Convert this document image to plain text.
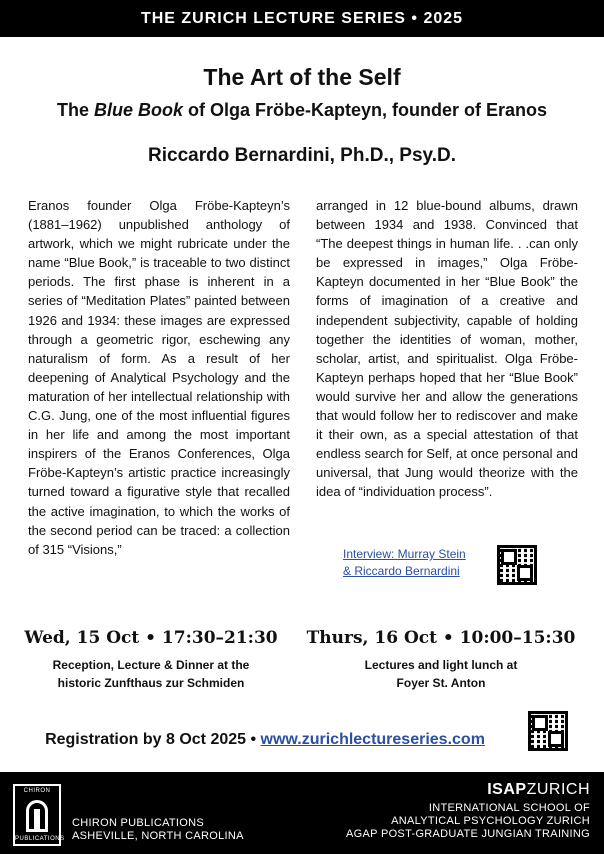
THE ZURICH LECTURE SERIES • 2025
The Art of the Self
The Blue Book of Olga Fröbe-Kapteyn, founder of Eranos
Riccardo Bernardini, Ph.D., Psy.D.
Eranos founder Olga Fröbe-Kapteyn’s (1881–1962) unpublished anthology of artwork, which we might rubricate under the name “Blue Book,” is traceable to two distinct periods. The first phase is inherent in a series of “Meditation Plates” painted between 1926 and 1934: these images are expressed through a geometric rigor, eschewing any naturalism of form. As a result of her deepening of Analytical Psychology and the maturation of her intellectual relationship with C.G. Jung, one of the most influential figures in her life and among the most important inspirers of the Eranos Conferences, Olga Fröbe-Kapteyn’s artistic practice increasingly turned toward a figurative style that recalled the active imagination, to which the works of the second period can be traced: a collection of 315 “Visions,”
arranged in 12 blue-bound albums, drawn between 1934 and 1938. Convinced that “The deepest things in human life. . .can only be expressed in images,” Olga Fröbe-Kapteyn documented in her “Blue Book” the forms of imagination of a creative and independent subjectivity, capable of holding together the identities of woman, mother, scholar, artist, and spiritualist. Olga Fröbe-Kapteyn perhaps hoped that her “Blue Book” would survive her and allow the generations that would follow her to rediscover and make it their own, as a special attestation of that endless search for Self, at once personal and universal, that Jung would theorize with the idea of “individuation process”.
Interview: Murray Stein
& Riccardo Bernardini
Wed, 15 Oct • 17:30–21:30
Reception, Lecture & Dinner at the
historic Zunfthaus zur Schmiden
Thurs, 16 Oct • 10:00–15:30
Lectures and light lunch at
Foyer St. Anton
Registration by 8 Oct 2025 • www.zurichlectureseries.com
CHIRON
PUBLICATIONS
CHIRON PUBLICATIONS
ASHEVILLE, NORTH CAROLINA
ISAPZURICH
INTERNATIONAL SCHOOL OF
ANALYTICAL PSYCHOLOGY ZURICH
AGAP POST-GRADUATE JUNGIAN TRAINING
